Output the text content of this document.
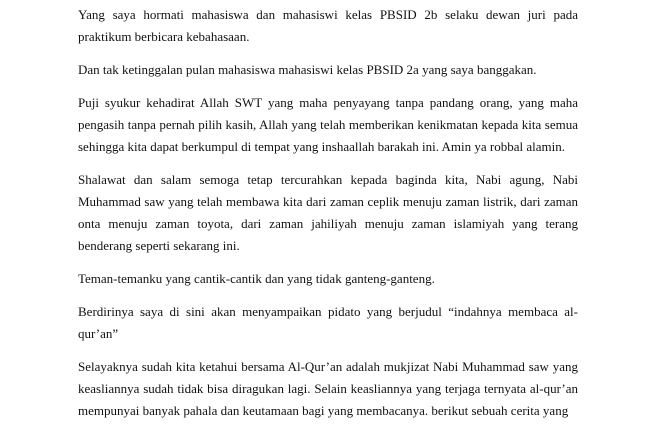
Yang saya hormati mahasiswa dan mahasiswi kelas PBSID 2b selaku dewan juri pada praktikum berbicara kebahasaan.

Dan tak ketinggalan pulan mahasiswa mahasiswi kelas PBSID 2a yang saya banggakan.

Puji syukur kehadirat Allah SWT yang maha penyayang tanpa pandang orang, yang maha pengasih tanpa pernah pilih kasih, Allah yang telah memberikan kenikmatan kepada kita semua sehingga kita dapat berkumpul di tempat yang inshaallah barakah ini. Amin ya robbal alamin.

Shalawat dan salam semoga tetap tercurahkan kepada baginda kita, Nabi agung, Nabi Muhammad saw yang telah membawa kita dari zaman ceplik menuju zaman listrik, dari zaman onta menuju zaman toyota, dari zaman jahiliyah menuju zaman islamiyah yang terang benderang seperti sekarang ini.

Teman-temanku yang cantik-cantik dan yang tidak ganteng-ganteng.

Berdirinya saya di sini akan menyampaikan pidato yang berjudul “indahnya membaca al-qur’an”

Selayaknya sudah kita ketahui bersama Al-Qur’an adalah mukjizat Nabi Muhammad saw yang keasliannya sudah tidak bisa diragukan lagi. Selain keasliannya yang terjaga ternyata al-qur’an mempunyai banyak pahala dan keutamaan bagi yang membacanya. berikut sebuah cerita yang
